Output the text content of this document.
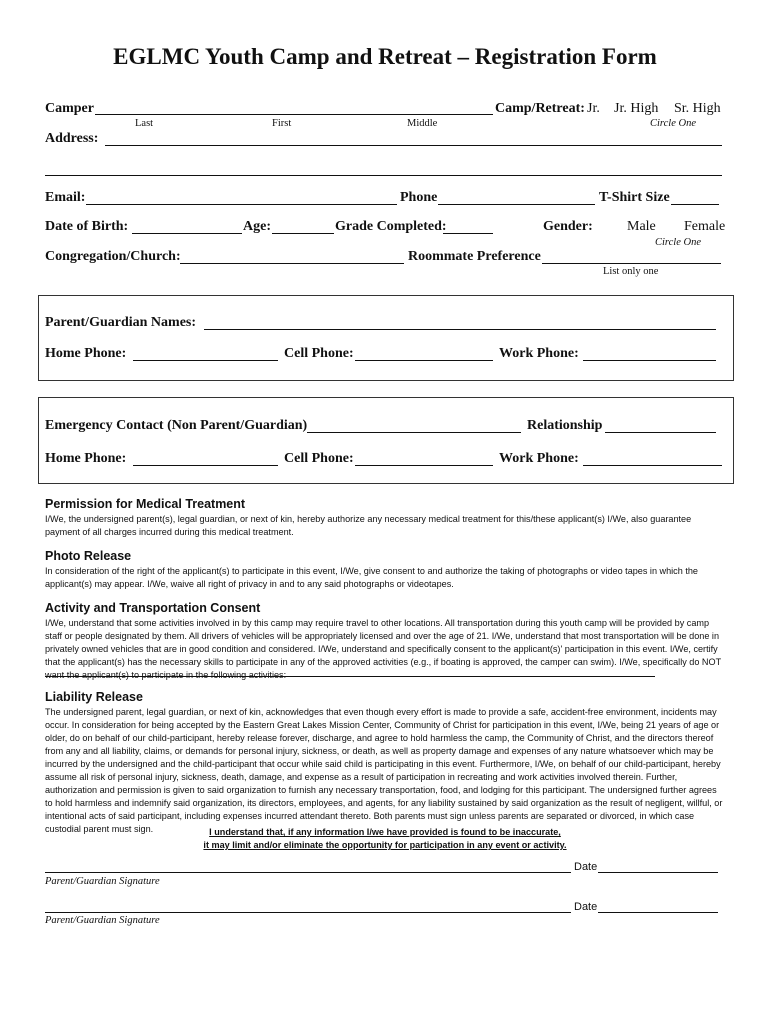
EGLMC Youth Camp and Retreat – Registration Form
Camper	Camp/Retreat: Jr. Jr. High Sr. High
Last	First	Middle	Circle One
Address:
Email:	Phone	T-Shirt Size
Date of Birth:	Age:	Grade Completed:	Gender: Male Female
Circle One
Congregation/Church:	Roommate Preference
List only one
Parent/Guardian Names:
Home Phone:	Cell Phone:	Work Phone:
Emergency Contact (Non Parent/Guardian)	Relationship
Home Phone:	Cell Phone:	Work Phone:
Permission for Medical Treatment
I/We, the undersigned parent(s), legal guardian, or next of kin, hereby authorize any necessary medical treatment for this/these applicant(s) I/We, also guarantee payment of all charges incurred during this medical treatment.
Photo Release
In consideration of the right of the applicant(s) to participate in this event, I/We, give consent to and authorize the taking of photographs or video tapes in which the applicant(s) may appear. I/We, waive all right of privacy in and to any said photographs or videotapes.
Activity and Transportation Consent
I/We, understand that some activities involved in by this camp may require travel to other locations. All transportation during this youth camp will be provided by camp staff or people designated by them. All drivers of vehicles will be appropriately licensed and over the age of 21. I/We, understand that most transportation will be done in privately owned vehicles that are in good condition and considered. I/We, understand and specifically consent to the applicant(s)' participation in this event. I/We, certify that the applicant(s) has the necessary skills to participate in any of the approved activities (e.g., if boating is approved, the camper can swim). I/We, specifically do NOT want the applicant(s) to participate in the following activities:
Liability Release
The undersigned parent, legal guardian, or next of kin, acknowledges that even though every effort is made to provide a safe, accident-free environment, incidents may occur. In consideration for being accepted by the Eastern Great Lakes Mission Center, Community of Christ for participation in this event, I/We, being 21 years of age or older, do on behalf of our child-participant, hereby release forever, discharge, and agree to hold harmless the camp, the Community of Christ, and the directors thereof from any and all liability, claims, or demands for personal injury, sickness, or death, as well as property damage and expenses of any nature whatsoever which may be incurred by the undersigned and the child-participant that occur while said child is participating in this event. Furthermore, I/We, on behalf of our child-participant, hereby assume all risk of personal injury, sickness, death, damage, and expense as a result of participation in recreating and work activities involved therein. Further, authorization and permission is given to said organization to furnish any necessary transportation, food, and lodging for this participant. The undersigned further agrees to hold harmless and indemnify said organization, its directors, employees, and agents, for any liability sustained by said organization as the result of negligent, willful, or intentional acts of said participant, including expenses incurred attendant thereto. Both parents must sign unless parents are separated or divorced, in which case custodial parent must sign.	I understand that, if any information I/we have provided is found to be inaccurate,
it may limit and/or eliminate the opportunity for participation in any event or activity.
Date
Parent/Guardian Signature
Date
Parent/Guardian Signature
